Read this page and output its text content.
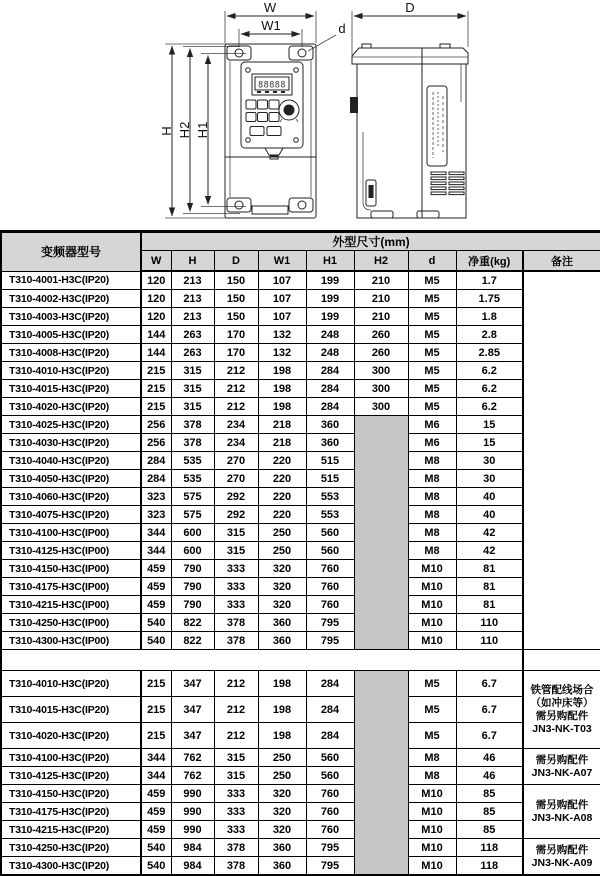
W
W1	d
H H2 H1
88888
D
变频器型号	外型尺寸(mm)								
	W	H	D	W1	H1	H2	d	净重(kg)	备注
T310-4001-H3C(IP20)	120	213	150	107	199	210	M5	1.7	
T310-4002-H3C(IP20)	120	213	150	107	199	210	M5	1.75	
T310-4003-H3C(IP20)	120	213	150	107	199	210	M5	1.8	
T310-4005-H3C(IP20)	144	263	170	132	248	260	M5	2.8	
T310-4008-H3C(IP20)	144	263	170	132	248	260	M5	2.85	
T310-4010-H3C(IP20)	215	315	212	198	284	300	M5	6.2	
T310-4015-H3C(IP20)	215	315	212	198	284	300	M5	6.2	
T310-4020-H3C(IP20)	215	315	212	198	284	300	M5	6.2	
T310-4025-H3C(IP20)	256	378	234	218	360		M6	15	
T310-4030-H3C(IP20)	256	378	234	218	360		M6	15	
T310-4040-H3C(IP20)	284	535	270	220	515		M8	30	
T310-4050-H3C(IP20)	284	535	270	220	515		M8	30	
T310-4060-H3C(IP20)	323	575	292	220	553		M8	40	
T310-4075-H3C(IP20)	323	575	292	220	553		M8	40	
T310-4100-H3C(IP00)	344	600	315	250	560		M8	42	
T310-4125-H3C(IP00)	344	600	315	250	560		M8	42	
T310-4150-H3C(IP00)	459	790	333	320	760		M10	81	
T310-4175-H3C(IP00)	459	790	333	320	760		M10	81	
T310-4215-H3C(IP00)	459	790	333	320	760		M10	81	
T310-4250-H3C(IP00)	540	822	378	360	795		M10	110	
T310-4300-H3C(IP00)	540	822	378	360	795		M10	110	

T310-4010-H3C(IP20)	215	347	212	198	284		M5	6.7	铁管配线场合
（如冲床等）
需另购配件
JN3-NK-T03

T310-4015-H3C(IP20)	215	347	212	198	284		M5	6.7	
T310-4020-H3C(IP20)	215	347	212	198	284		M5	6.7	
T310-4100-H3C(IP20)	344	762	315	250	560		M8	46	需另购配件
JN3-NK-A07

T310-4125-H3C(IP20)	344	762	315	250	560		M8	46	
T310-4150-H3C(IP20)	459	990	333	320	760		M10	85	需另购配件
JN3-NK-A08

T310-4175-H3C(IP20)	459	990	333	320	760		M10	85	
T310-4215-H3C(IP20)	459	990	333	320	760		M10	85	
T310-4250-H3C(IP20)	540	984	378	360	795		M10	118	需另购配件
JN3-NK-A09

T310-4300-H3C(IP20)	540	984	378	360	795		M10	118	
